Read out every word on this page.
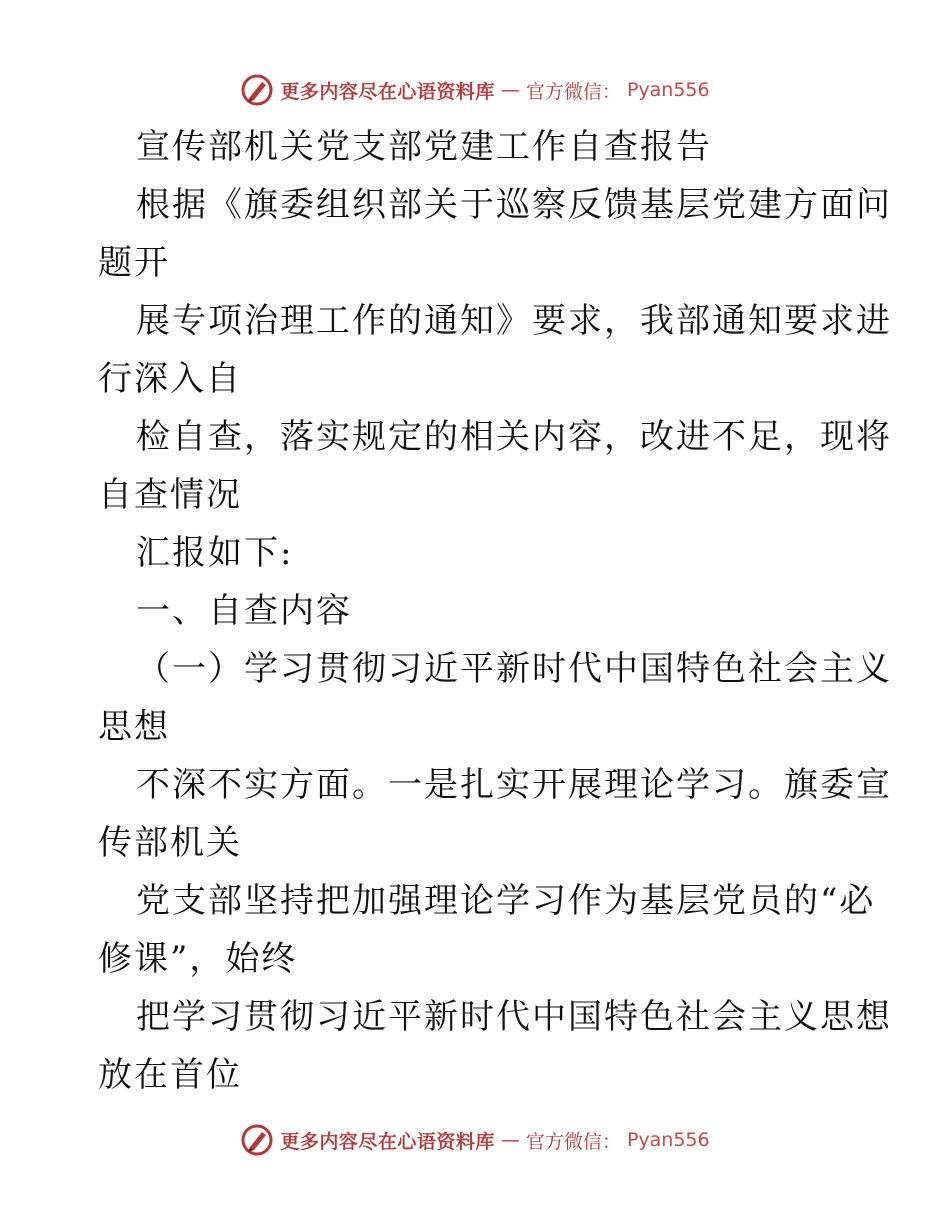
更多内容尽在心语资料库 — 官方微信： Pyan556
宣传部机关党支部党建工作自查报告
根据《旗委组织部关于巡察反馈基层党建方面问
题开
展专项治理工作的通知》要求，我部通知要求进
行深入自
检自查，落实规定的相关内容，改进不足，现将
自查情况
汇报如下:
一、自查内容
（一）学习贯彻习近平新时代中国特色社会主义
思想
不深不实方面。一是扎实开展理论学习。旗委宣
传部机关
党支部坚持把加强理论学习作为基层党员的“必
修课”，始终
把学习贯彻习近平新时代中国特色社会主义思想
放在首位
更多内容尽在心语资料库 — 官方微信： Pyan556
